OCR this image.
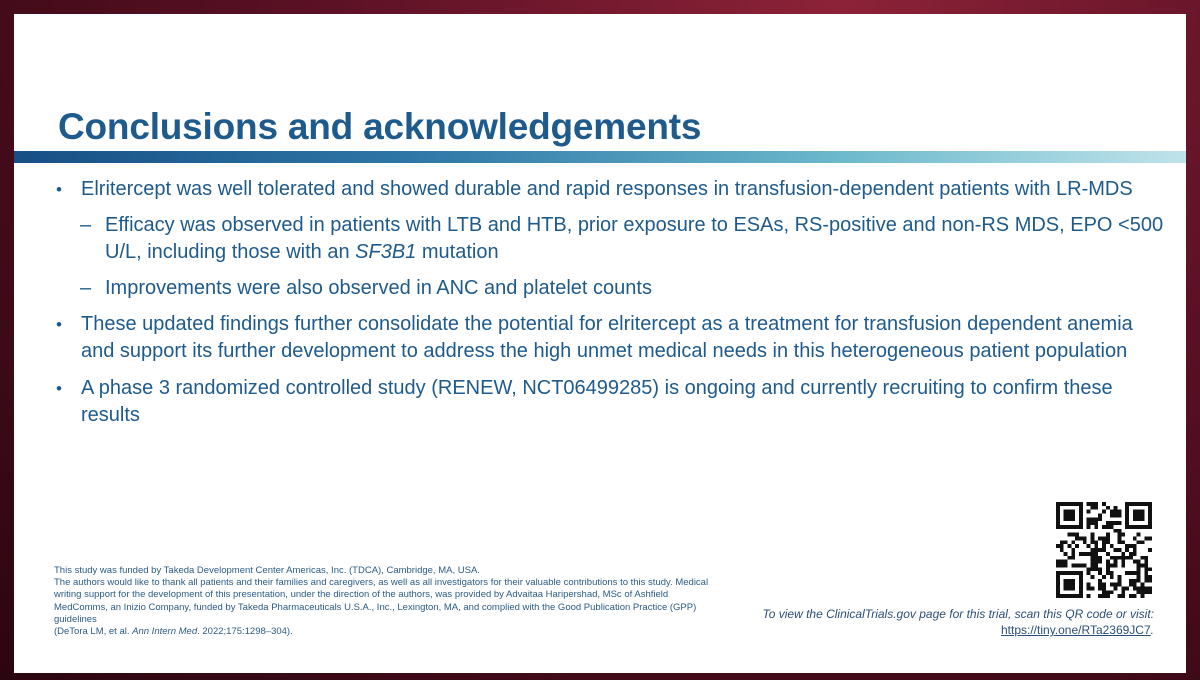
Conclusions and acknowledgements
• Elritercept was well tolerated and showed durable and rapid responses in transfusion-dependent patients with LR-MDS
– Efficacy was observed in patients with LTB and HTB, prior exposure to ESAs, RS-positive and non-RS MDS, EPO <500 U/L, including those with an SF3B1 mutation
– Improvements were also observed in ANC and platelet counts
• These updated findings further consolidate the potential for elritercept as a treatment for transfusion dependent anemia and support its further development to address the high unmet medical needs in this heterogeneous patient population
• A phase 3 randomized controlled study (RENEW, NCT06499285) is ongoing and currently recruiting to confirm these results
This study was funded by Takeda Development Center Americas, Inc. (TDCA), Cambridge, MA, USA.
The authors would like to thank all patients and their families and caregivers, as well as all investigators for their valuable contributions to this study. Medical writing support for the development of this presentation, under the direction of the authors, was provided by Advaitaa Haripershad, MSc of Ashfield MedComms, an Inizio Company, funded by Takeda Pharmaceuticals U.S.A., Inc., Lexington, MA, and complied with the Good Publication Practice (GPP) guidelines
(DeTora LM, et al. Ann Intern Med. 2022;175:1298–304).
To view the ClinicalTrials.gov page for this trial, scan this QR code or visit: https://tiny.one/RTa2369JC7.
